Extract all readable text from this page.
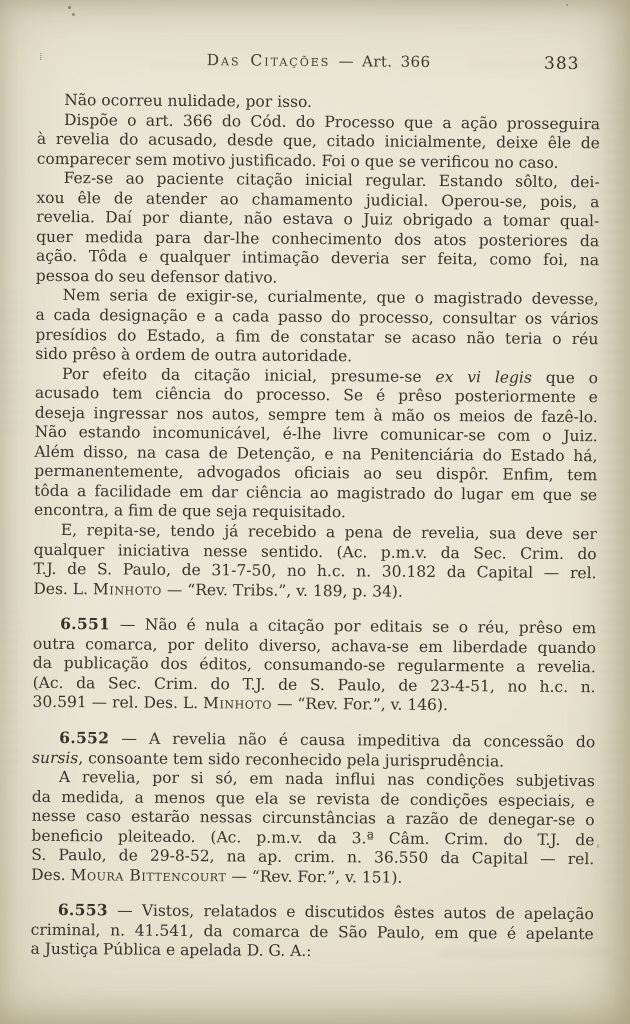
⁞	Das Citações — Art. 366	383
Não ocorreu nulidade, por isso.
Dispõe o art. 366 do Cód. do Processo que a ação prosseguira
à revelia do acusado, desde que, citado inicialmente, deixe êle de
comparecer sem motivo justificado. Foi o que se verificou no caso.
Fez-se ao paciente citação inicial regular. Estando sôlto, dei-
xou êle de atender ao chamamento judicial. Operou-se, pois, a
revelia. Daí por diante, não estava o Juiz obrigado a tomar qual-
quer medida para dar-lhe conhecimento dos atos posteriores da
ação. Tôda e qualquer intimação deveria ser feita, como foi, na
pessoa do seu defensor dativo.
Nem seria de exigir-se, curialmente, que o magistrado devesse,
a cada designação e a cada passo do processo, consultar os vários
presídios do Estado, a fim de constatar se acaso não teria o réu
sido prêso à ordem de outra autoridade.
Por efeito da citação inicial, presume-se ex vi legis que o
acusado tem ciência do processo. Se é prêso posteriormente e
deseja ingressar nos autos, sempre tem à mão os meios de fazê-lo.
Não estando incomunicável, é-lhe livre comunicar-se com o Juiz.
Além disso, na casa de Detenção, e na Penitenciária do Estado há,
permanentemente, advogados oficiais ao seu dispôr. Enfim, tem
tôda a facilidade em dar ciência ao magistrado do lugar em que se
encontra, a fim de que seja requisitado.
E, repita-se, tendo já recebido a pena de revelia, sua deve ser
qualquer iniciativa nesse sentido. (Ac. p.m.v. da Sec. Crim. do
T.J. de S. Paulo, de 31-7-50, no h.c. n. 30.182 da Capital — rel.
Des. L. Minhoto — “Rev. Tribs.”, v. 189, p. 34).
6.551 — Não é nula a citação por editais se o réu, prêso em
outra comarca, por delito diverso, achava-se em liberdade quando
da publicação dos éditos, consumando-se regularmente a revelia.
(Ac. da Sec. Crim. do T.J. de S. Paulo, de 23-4-51, no h.c. n.
30.591 — rel. Des. L. Minhoto — “Rev. For.”, v. 146).
6.552 — A revelia não é causa impeditiva da concessão do
sursis, consoante tem sido reconhecido pela jurisprudência.
A revelia, por si só, em nada influi nas condições subjetivas
da medida, a menos que ela se revista de condições especiais, e
nesse caso estarão nessas circunstâncias a razão de denegar-se o
beneficio pleiteado. (Ac. p.m.v. da 3.ª Câm. Crim. do T.J. de
S. Paulo, de 29-8-52, na ap. crim. n. 36.550 da Capital — rel.
Des. Moura Bittencourt — “Rev. For.”, v. 151).
6.553 — Vistos, relatados e discutidos êstes autos de apelação
criminal, n. 41.541, da comarca de São Paulo, em que é apelante
a Justiça Pública e apelada D. G. A.:
